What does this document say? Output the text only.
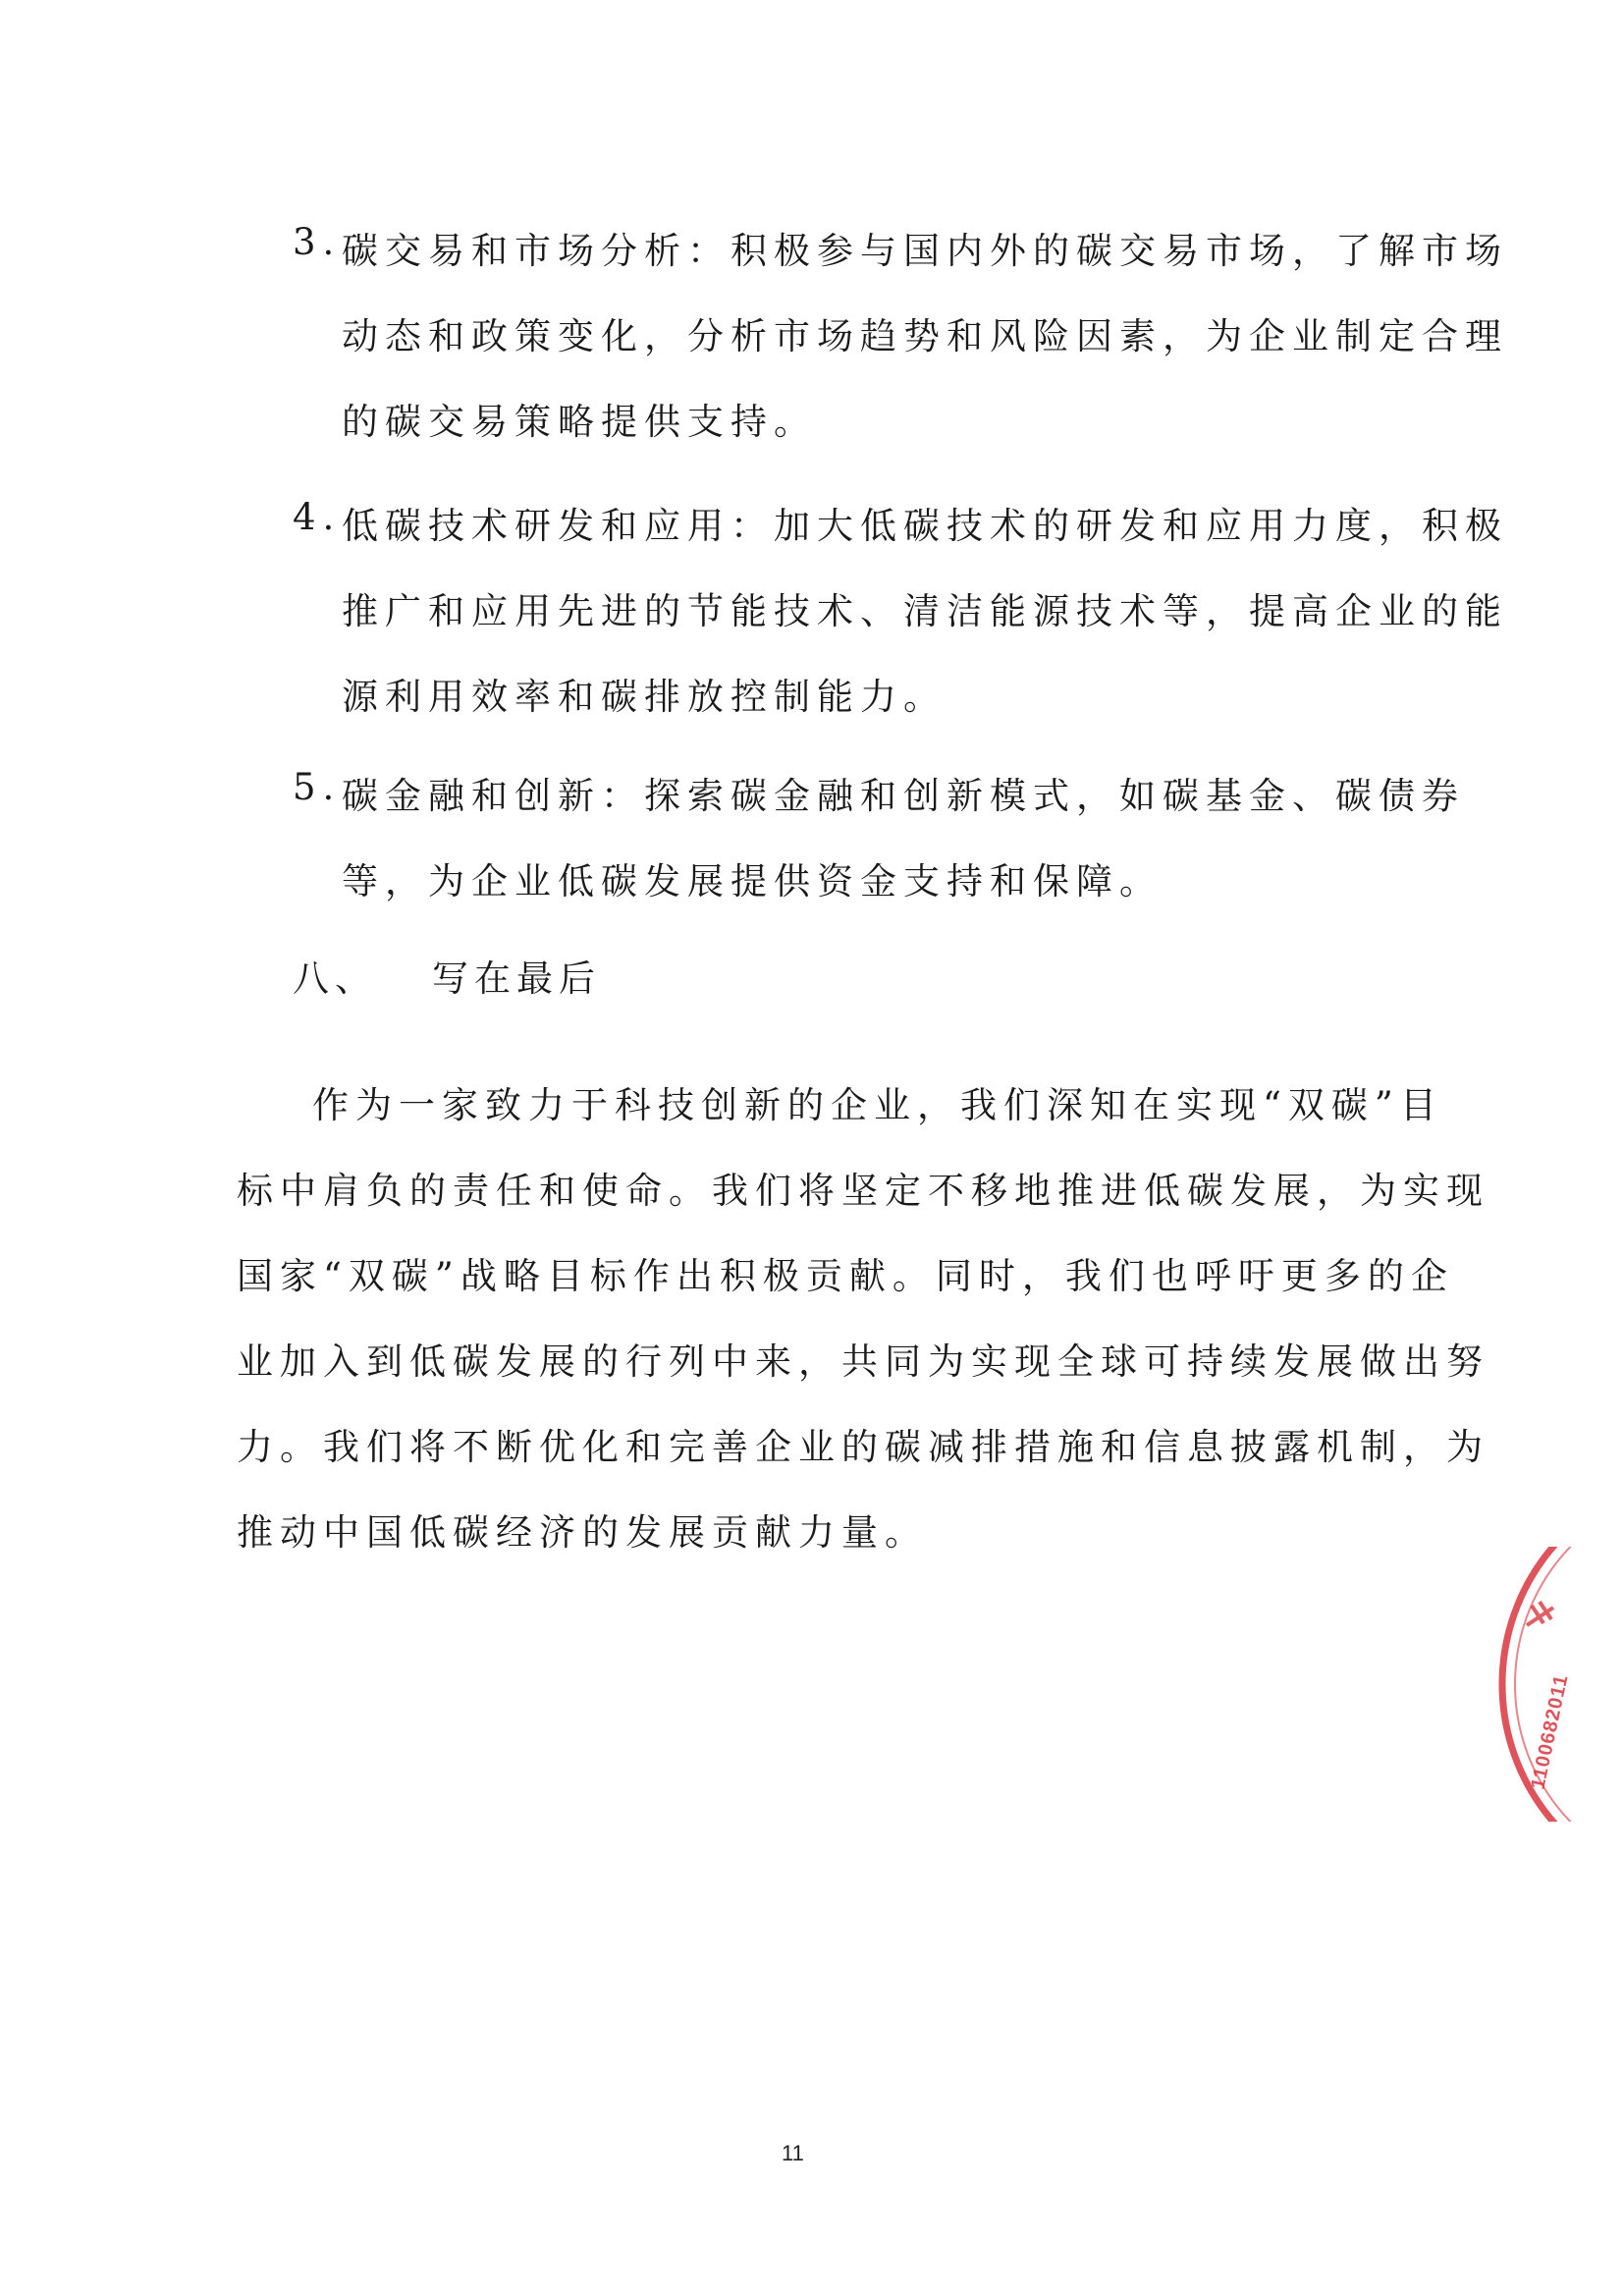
3. 碳交易和市场分析：积极参与国内外的碳交易市场，了解市场
动态和政策变化，分析市场趋势和风险因素，为企业制定合理
的碳交易策略提供支持。
4. 低碳技术研发和应用：加大低碳技术的研发和应用力度，积极
推广和应用先进的节能技术、清洁能源技术等，提高企业的能
源利用效率和碳排放控制能力。
5. 碳金融和创新：探索碳金融和创新模式，如碳基金、碳债券
等，为企业低碳发展提供资金支持和保障。
八、 写在最后
作为一家致力于科技创新的企业，我们深知在实现“双碳”目
标中肩负的责任和使命。我们将坚定不移地推进低碳发展，为实现
国家“双碳”战略目标作出积极贡献。同时，我们也呼吁更多的企
业加入到低碳发展的行列中来，共同为实现全球可持续发展做出努
力。我们将不断优化和完善企业的碳减排措施和信息披露机制，为
推动中国低碳经济的发展贡献力量。
1100682011
11
